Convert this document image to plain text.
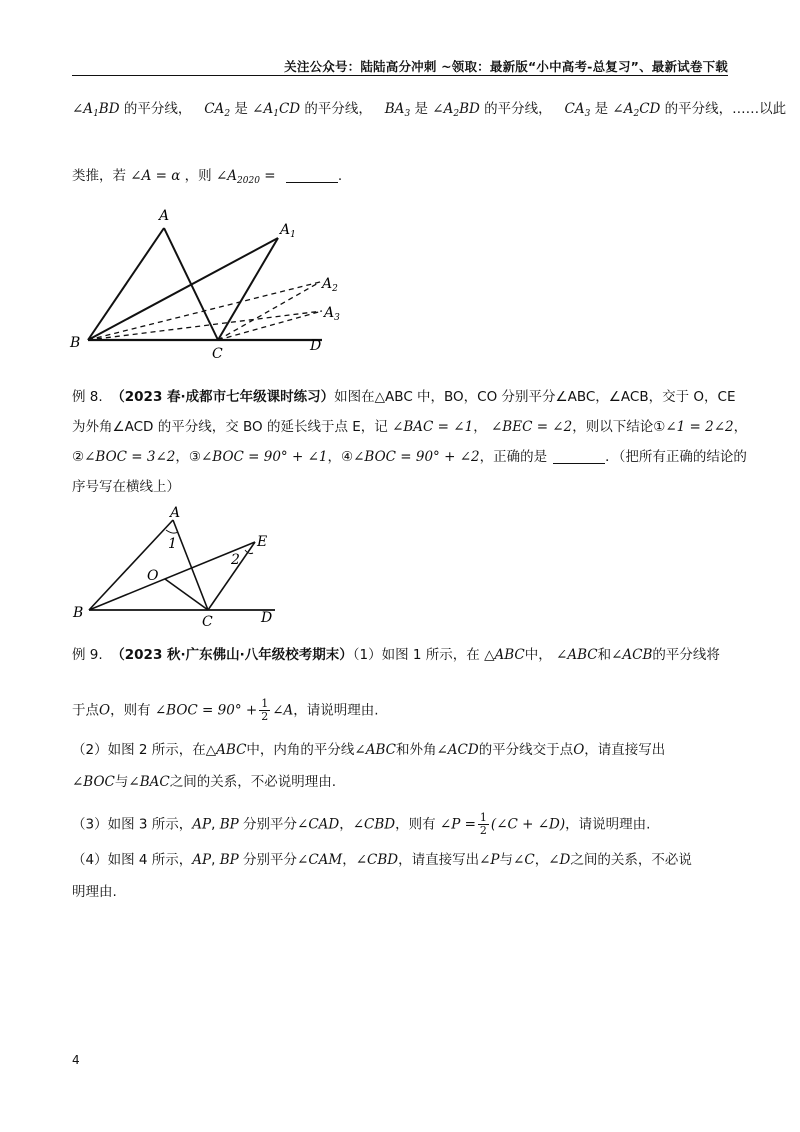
关注公众号：陆陆高分冲刺 ~领取：最新版“小中高考-总复习”、最新试卷下载
$\angle A_1BD$ 的平分线， $CA_2$ 是 $\angle A_1CD$ 的平分线， $BA_3$ 是 $\angle A_2BD$ 的平分线， $CA_3$ 是 $\angle A_2CD$ 的平分线，……以此
类推，若 ∠A = α ，则 $\angle A_{2020}$ =	.
A
$A_1$
$A_2$
$A_3$
B
C	D
例 8. （2023 春·成都市七年级课时练习）如图在△ABC 中，BO，CO 分别平分∠ABC，∠ACB，交于 O，CE
为外角∠ACD 的平分线，交 BO 的延长线于点 E，记 ∠BAC = ∠1， ∠BEC = ∠2，则以下结论①∠1 = 2∠2，
②∠BOC = 3∠2，③∠BOC = 90° + ∠1，④∠BOC = 90° + ∠2，正确的是	．（把所有正确的结论的
序号写在横线上）
A
E
O
B
C	D
1
2
例 9. （2023 秋·广东佛山·八年级校考期末）（1）如图 1 所示，在 △ABC中， ∠ABC和∠ACB的平分线将
于点O，则有 ∠BOC = $90^\circ + \frac{1}{2}$ ∠A，请说明理由.
（2）如图 2 所示，在△ABC中，内角的平分线∠ABC和外角∠ACD的平分线交于点O，请直接写出
∠BOC与∠BAC之间的关系，不必说明理由.
（3）如图 3 所示，AP, BP 分别平分∠CAD，∠CBD，则有 ∠P = $\frac{1}{2}$ (∠C + ∠D)，请说明理由.
（4）如图 4 所示，AP, BP 分别平分∠CAM，∠CBD，请直接写出∠P与∠C，∠D之间的关系，不必说
明理由.
4
